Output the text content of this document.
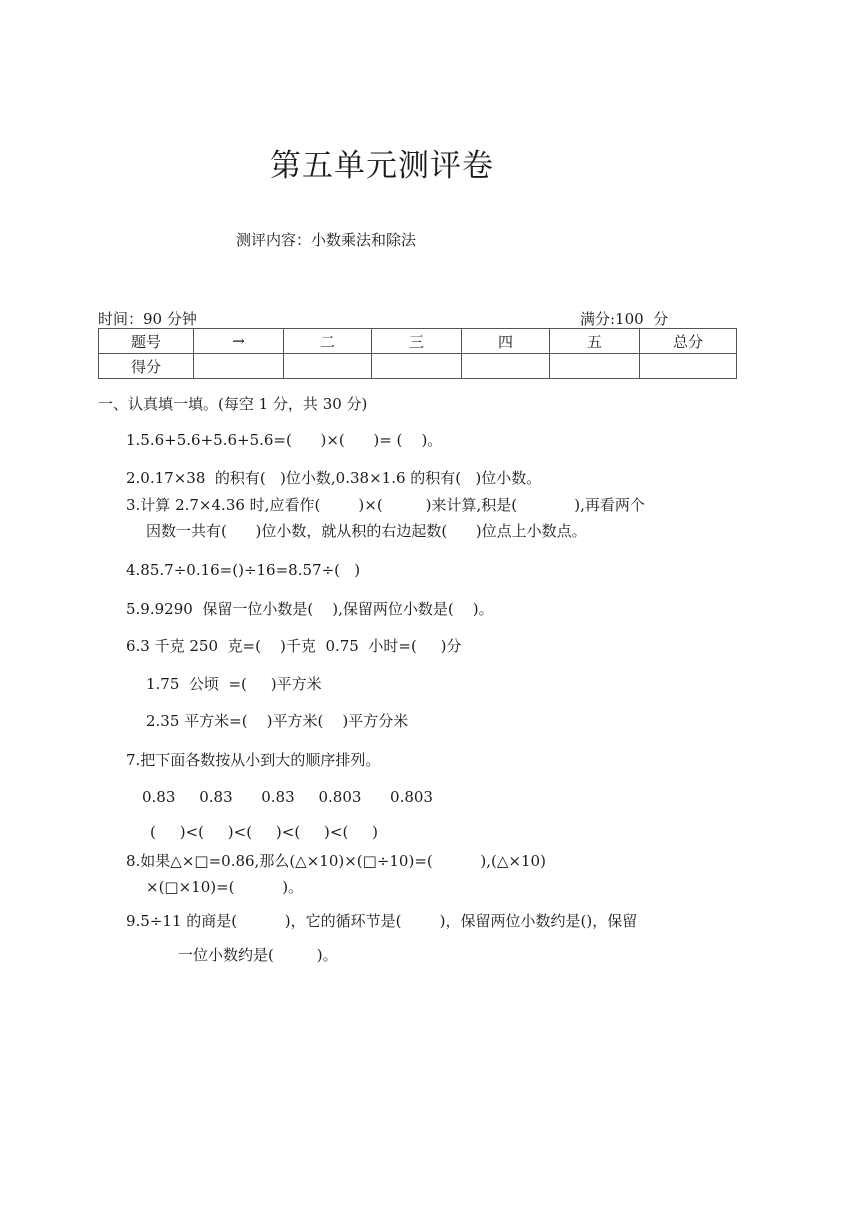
第五单元测评卷
测评内容：小数乘法和除法
时间：90 分钟	满分:100  分
题号	→	二	三	四	五	总分
得分						
一、认真填一填。(每空 1 分，共 30 分)
1.5.6+5.6+5.6+5.6=(      )×(      )= (    )。
2.0.17×38  的积有(   )位小数,0.38×1.6 的积有(   )位小数。
3.计算 2.7×4.36 时,应看作(        )×(         )来计算,积是(            ),再看两个
因数一共有(      )位小数，就从积的右边起数(      )位点上小数点。
4.85.7÷0.16=()÷16=8.57÷(   )
5.9.9290  保留一位小数是(    ),保留两位小数是(    )。
6.3 千克 250  克=(    )千克  0.75  小时=(     )分
1.75  公顷  =(     )平方米
2.35 平方米=(    )平方米(    )平方分米
7.把下面各数按从小到大的顺序排列。
0.83     0.83      0.83     0.803      0.803
(     )<(     )<(     )<(     )<(     )
8.如果△×□=0.86,那么(△×10)×(□÷10)=(          ),(△×10)
×(□×10)=(          )。
9.5÷11 的商是(          )，它的循环节是(        )，保留两位小数约是()，保留
一位小数约是(         )。
